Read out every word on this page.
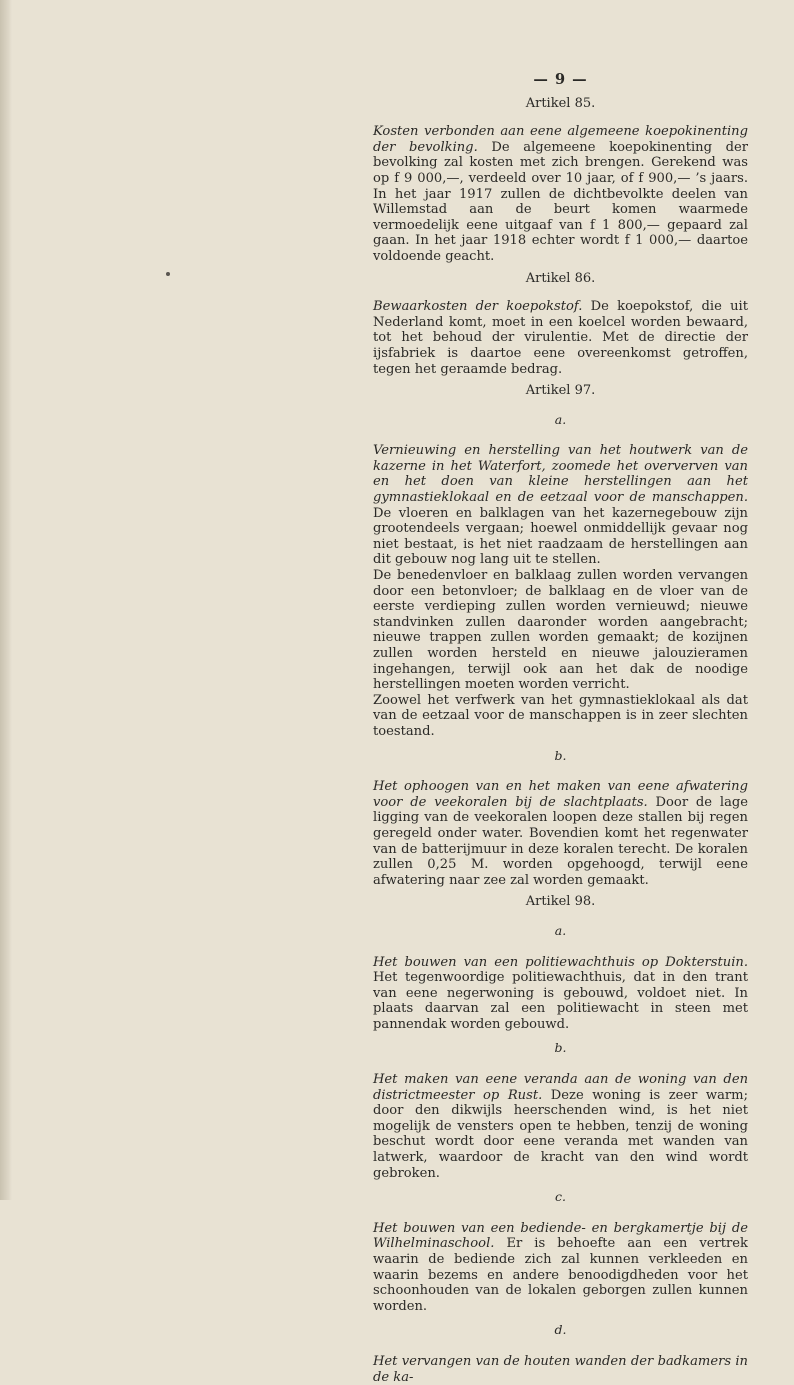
— 9 —
Artikel 85.

Kosten verbonden aan eene algemeene koepokinenting der bevolking. De algemeene koepokinenting der bevolking zal kosten met zich brengen. Gerekend was op f 9 000,—, verdeeld over 10 jaar, of f 900,— ’s jaars. In het jaar 1917 zullen de dichtbevolkte deelen van Willemstad aan de beurt komen waarmede vermoedelijk eene uitgaaf van f 1 800,— gepaard zal gaan. In het jaar 1918 echter wordt f 1 000,— daartoe voldoende geacht.

Artikel 86.

Bewaarkosten der koepokstof. De koepokstof, die uit Nederland komt, moet in een koelcel worden bewaard, tot het behoud der virulentie. Met de directie der ijsfabriek is daartoe eene overeenkomst getroffen, tegen het geraamde bedrag.

Artikel 97.
a.

Vernieuwing en herstelling van het houtwerk van de kazerne in het Waterfort, zoomede het oververven van en het doen van kleine herstellingen aan het gymnastieklokaal en de eetzaal voor de manschappen. De vloeren en balklagen van het kazernegebouw zijn grootendeels vergaan; hoewel onmiddellijk gevaar nog niet bestaat, is het niet raadzaam de herstellingen aan dit gebouw nog lang uit te stellen.

De benedenvloer en balklaag zullen worden vervangen door een betonvloer; de balklaag en de vloer van de eerste verdieping zullen worden vernieuwd; nieuwe standvinken zullen daaronder worden aangebracht; nieuwe trappen zullen worden gemaakt; de kozijnen zullen worden hersteld en nieuwe jalouzieramen ingehangen, terwijl ook aan het dak de noodige herstellingen moeten worden verricht.

Zoowel het verfwerk van het gymnastieklokaal als dat van de eetzaal voor de manschappen is in zeer slechten toestand.

b.

Het ophoogen van en het maken van eene afwatering voor de veekoralen bij de slachtplaats. Door de lage ligging van de veekoralen loopen deze stallen bij regen geregeld onder water. Bovendien komt het regenwater van de batterijmuur in deze koralen terecht. De koralen zullen 0,25 M. worden opgehoogd, terwijl eene afwatering naar zee zal worden gemaakt.

Artikel 98.
a.

Het bouwen van een politiewachthuis op Dokterstuin. Het tegenwoordige politiewachthuis, dat in den trant van eene negerwoning is gebouwd, voldoet niet. In plaats daarvan zal een politiewacht in steen met pannendak worden gebouwd.

b.

Het maken van eene veranda aan de woning van den districtmeester op Rust. Deze woning is zeer warm; door den dikwijls heerschenden wind, is het niet mogelijk de vensters open te hebben, tenzij de woning beschut wordt door eene veranda met wanden van latwerk, waardoor de kracht van den wind wordt gebroken.

c.

Het bouwen van een bediende- en bergkamertje bij de Wilhelminaschool. Er is behoefte aan een vertrek waarin de bediende zich zal kunnen verkleeden en waarin bezems en andere benoodigdheden voor het schoonhouden van de lokalen geborgen zullen kunnen worden.

d.

Het vervangen van de houten wanden der badkamers in de ka-
